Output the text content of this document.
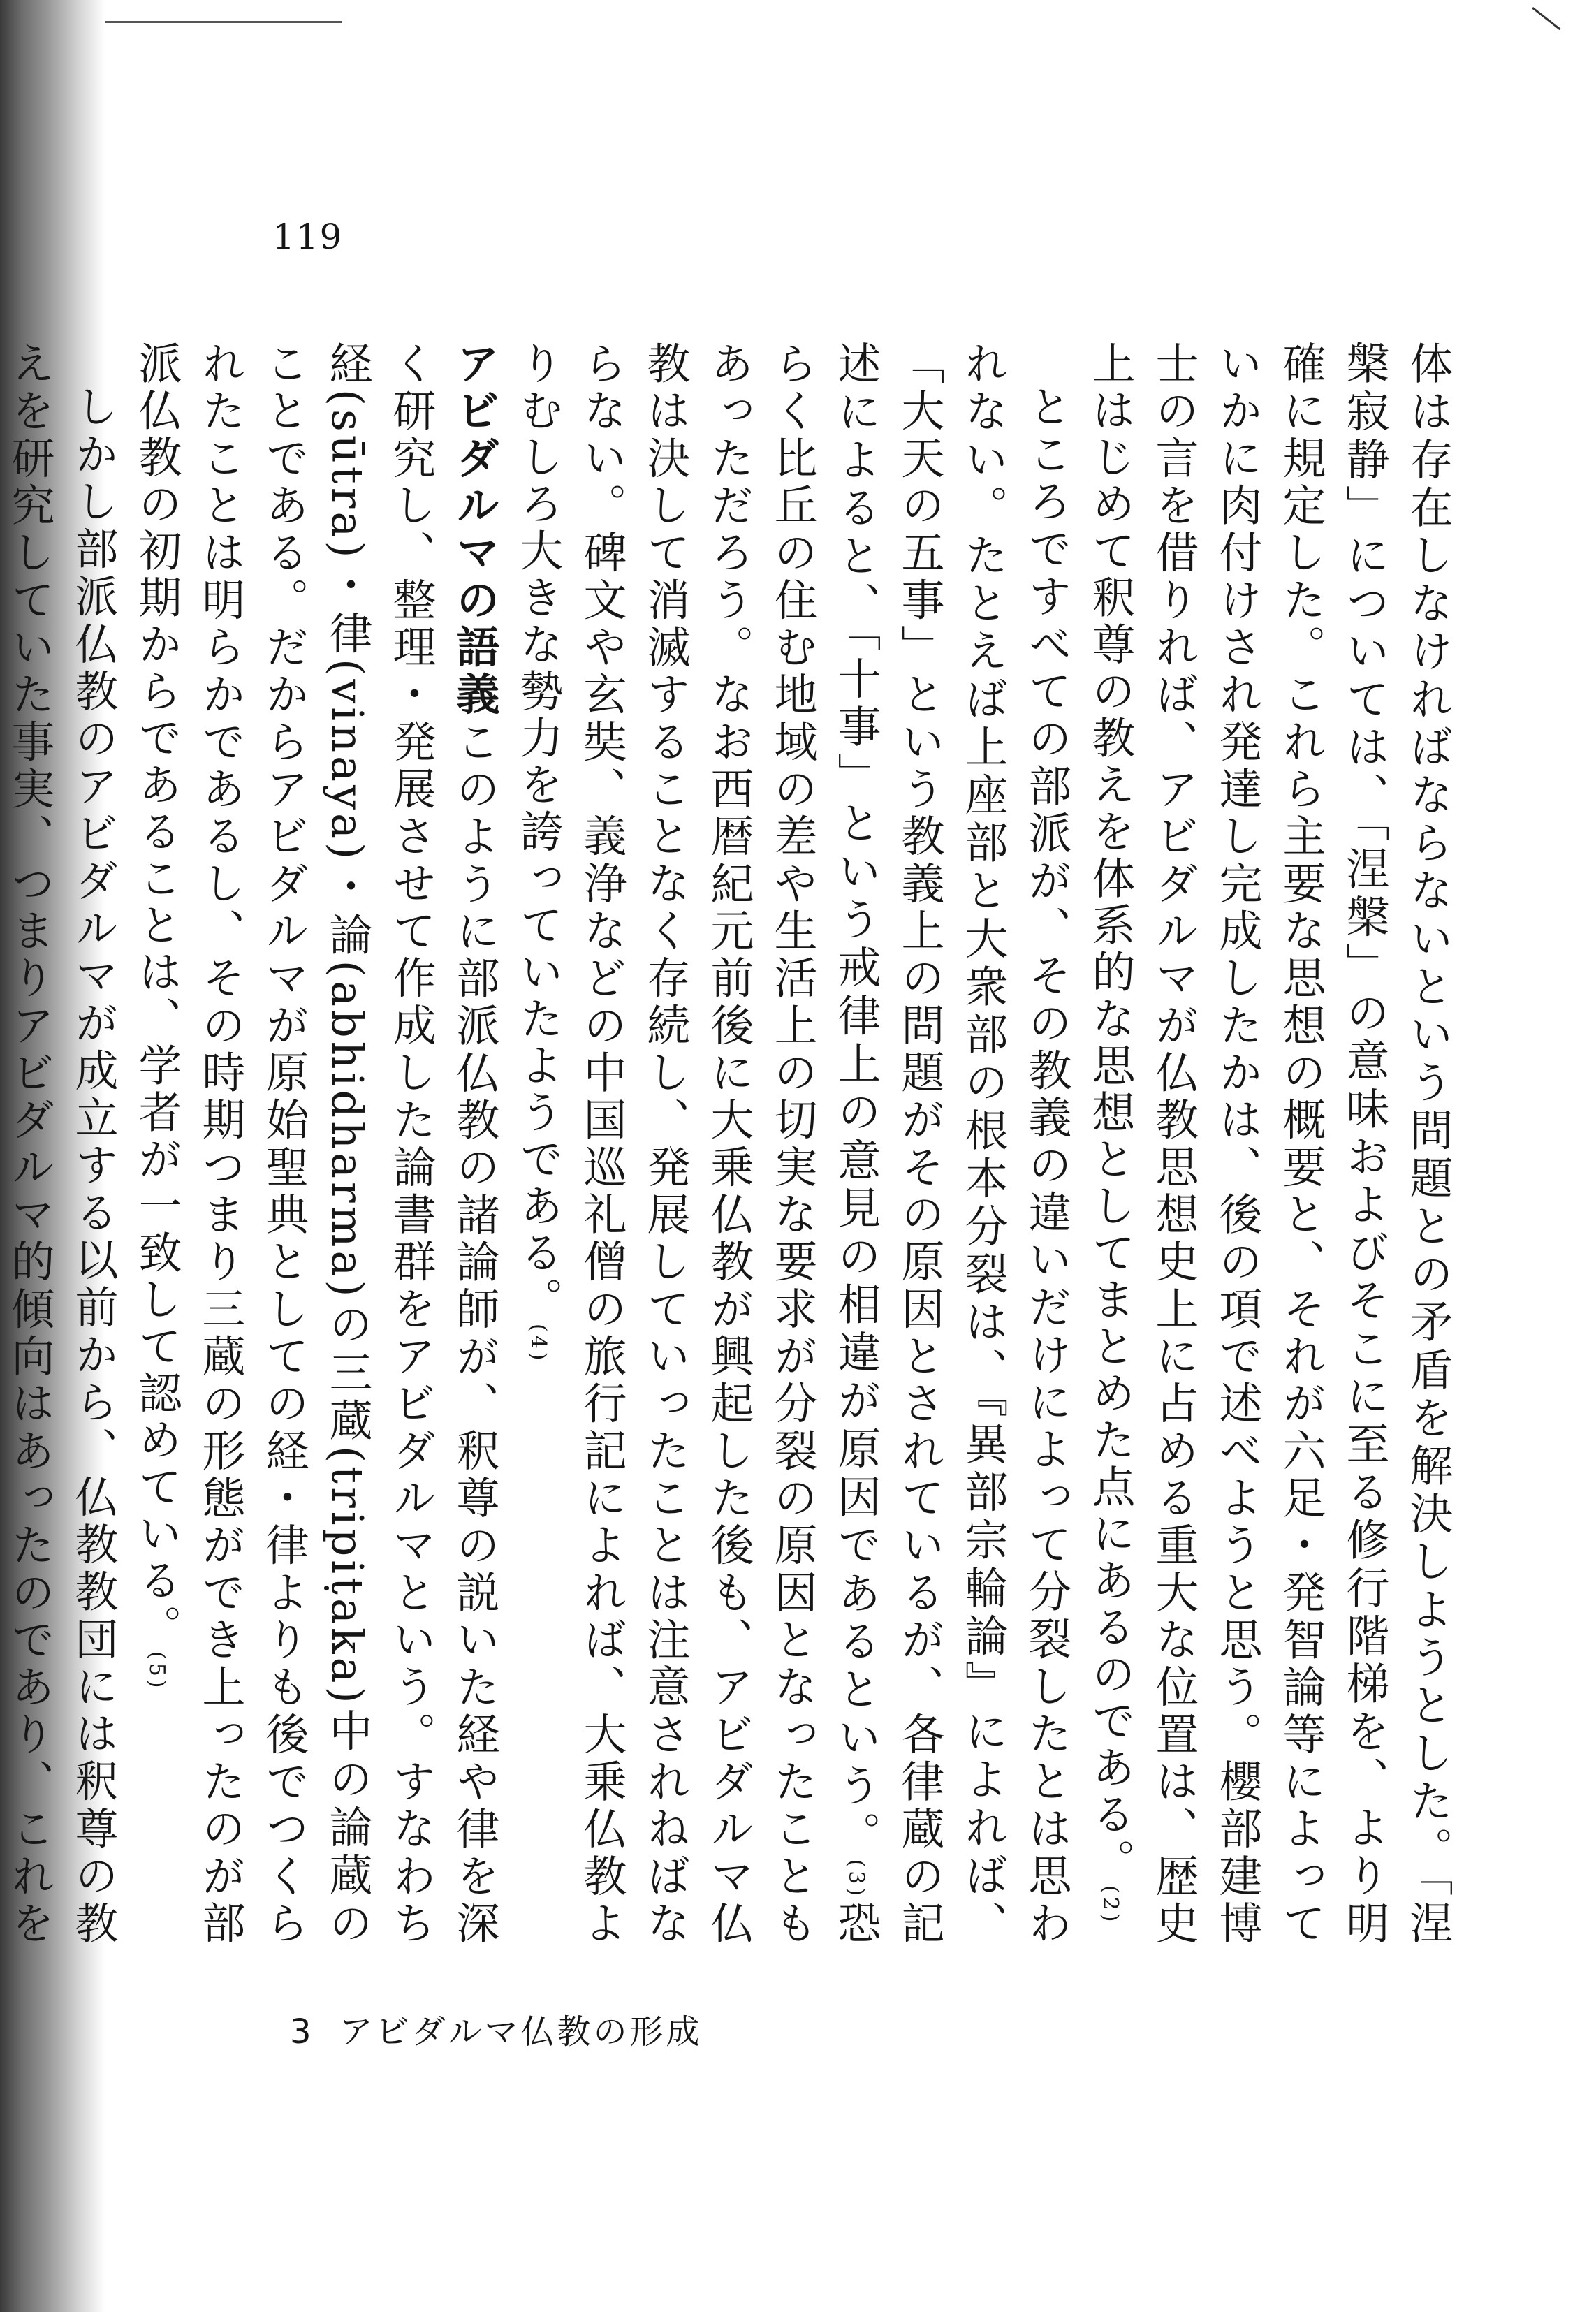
119

体は存在しなければならないという問題との矛盾を解決しようとした。「涅槃寂静」については、「涅槃」の意味およびそこに至る修行階梯を、より明確に規定した。これら主要な思想の概要と、それが六足・発智論等によっていかに肉付けされ発達し完成したかは、後の項で述べようと思う。櫻部建博士の言を借りれば、アビダルマが仏教思想史上に占める重大な位置は、歴史上はじめて釈尊の教えを体系的な思想としてまとめた点にあるのである。(2)

ところですべての部派が、その教義の違いだけによって分裂したとは思われない。たとえば上座部と大衆部の根本分裂は、『異部宗輪論』によれば、「大天の五事」という教義上の問題がその原因とされているが、各律蔵の記述によると、「十事」という戒律上の意見の相違が原因であるという。(3)恐らく比丘の住む地域の差や生活上の切実な要求が分裂の原因となったこともあっただろう。なお西暦紀元前後に大乗仏教が興起した後も、アビダルマ仏教は決して消滅することなく存続し、発展していったことは注意されねばならない。碑文や玄奘、義浄などの中国巡礼僧の旅行記によれば、大乗仏教よりむしろ大きな勢力を誇っていたようである。(4)

アビダルマの語義このように部派仏教の諸論師が、釈尊の説いた経や律を深く研究し、整理・発展させて作成した論書群をアビダルマという。すなわち経(sūtra)・律(vinaya)・論(abhidharma)の三蔵(tripiṭaka)中の論蔵のことである。だからアビダルマが原始聖典としての経・律よりも後でつくられたことは明らかであるし、その時期つまり三蔵の形態ができ上ったのが部派仏教の初期からであることは、学者が一致して認めている。(5)

しかし部派仏教のアビダルマが成立する以前から、仏教教団には釈尊の教えを研究していた事実、つまりアビダルマ的傾向はあったのであり、これを

3 アビダルマ仏教の形成
